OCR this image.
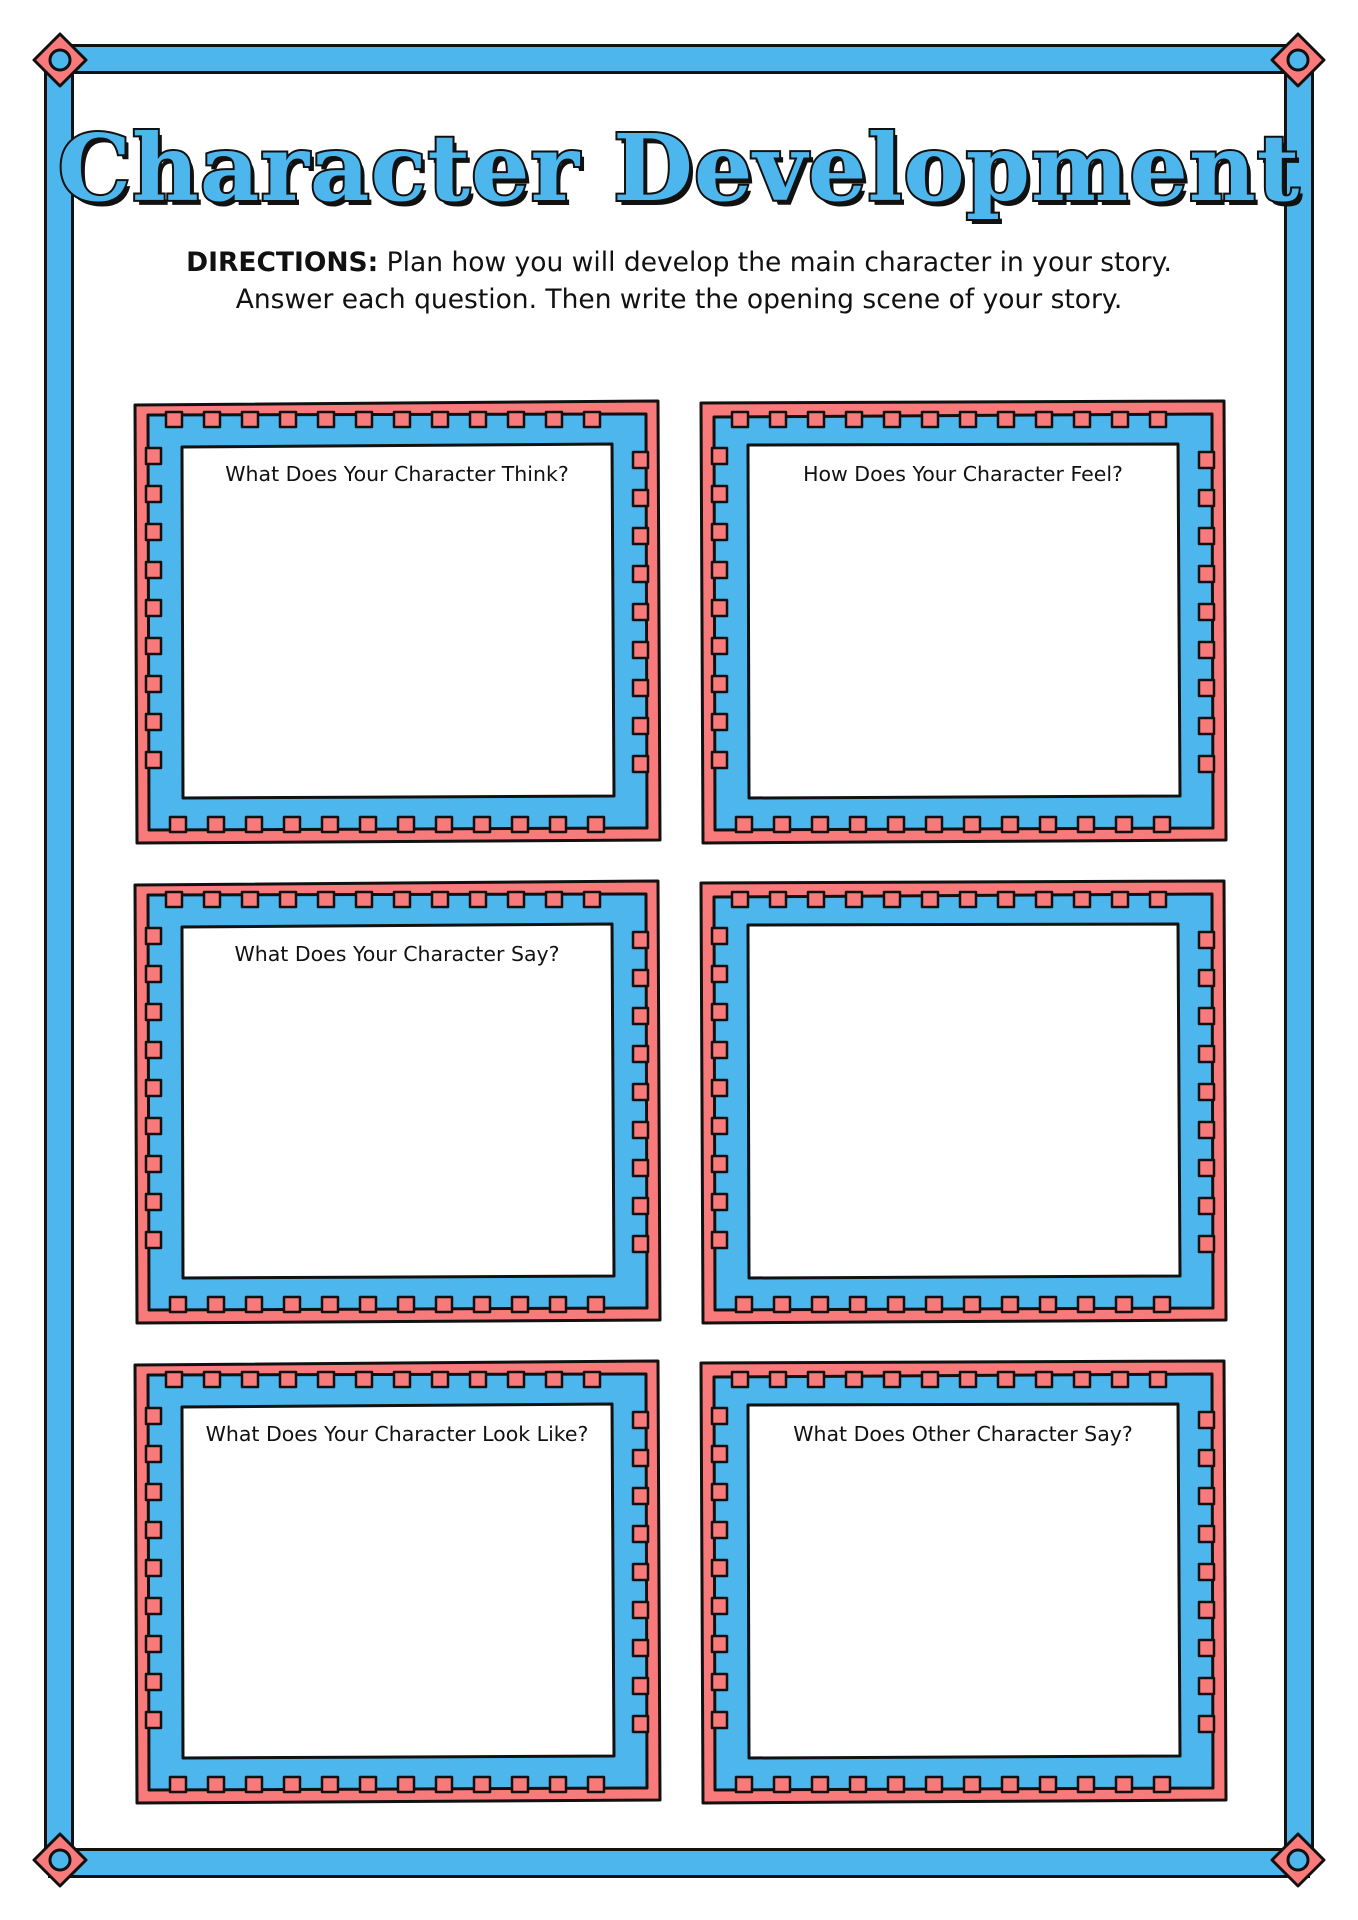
Character Development
DIRECTIONS: Plan how you will develop the main character in your story.
Answer each question. Then write the opening scene of your story.
What Does Your Character Think?	How Does Your Character Feel?
What Does Your Character Say?
What Does Your Character Look Like?	What Does Other Character Say?
